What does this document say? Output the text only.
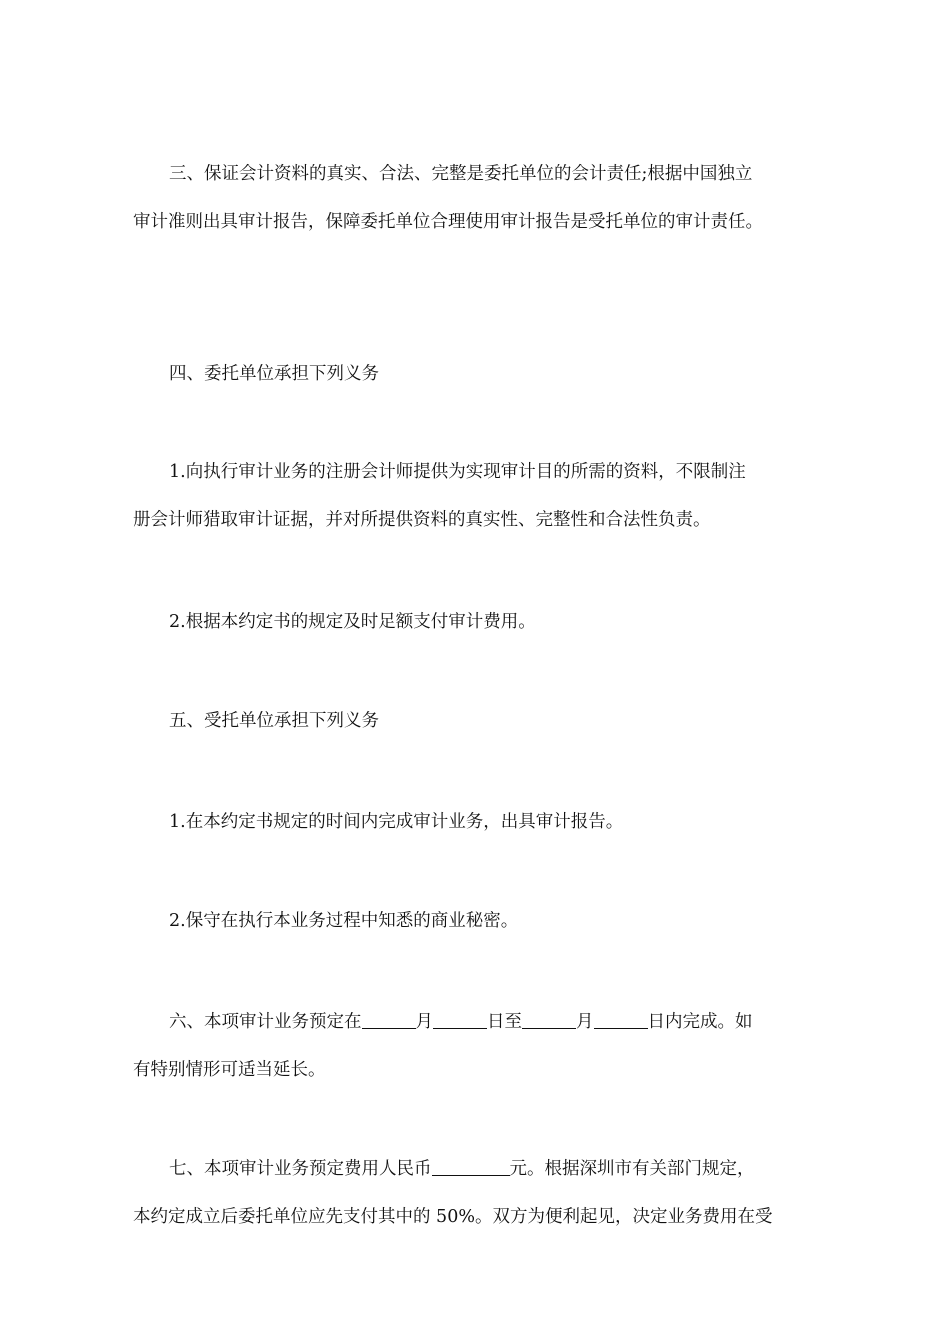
三、保证会计资料的真实、合法、完整是委托单位的会计责任;根据中国独立
审计准则出具审计报告，保障委托单位合理使用审计报告是受托单位的审计责任。
四、委托单位承担下列义务
1.向执行审计业务的注册会计师提供为实现审计目的所需的资料，不限制注
册会计师猎取审计证据，并对所提供资料的真实性、完整性和合法性负责。
2.根据本约定书的规定及时足额支付审计费用。
五、受托单位承担下列义务
1.在本约定书规定的时间内完成审计业务，出具审计报告。
2.保守在执行本业务过程中知悉的商业秘密。
六、本项审计业务预定在	月	日至	月	日内完成。如
有特别情形可适当延长。
七、本项审计业务预定费用人民币	元。根据深圳市有关部门规定，
本约定成立后委托单位应先支付其中的 50%。双方为便利起见，决定业务费用在受
